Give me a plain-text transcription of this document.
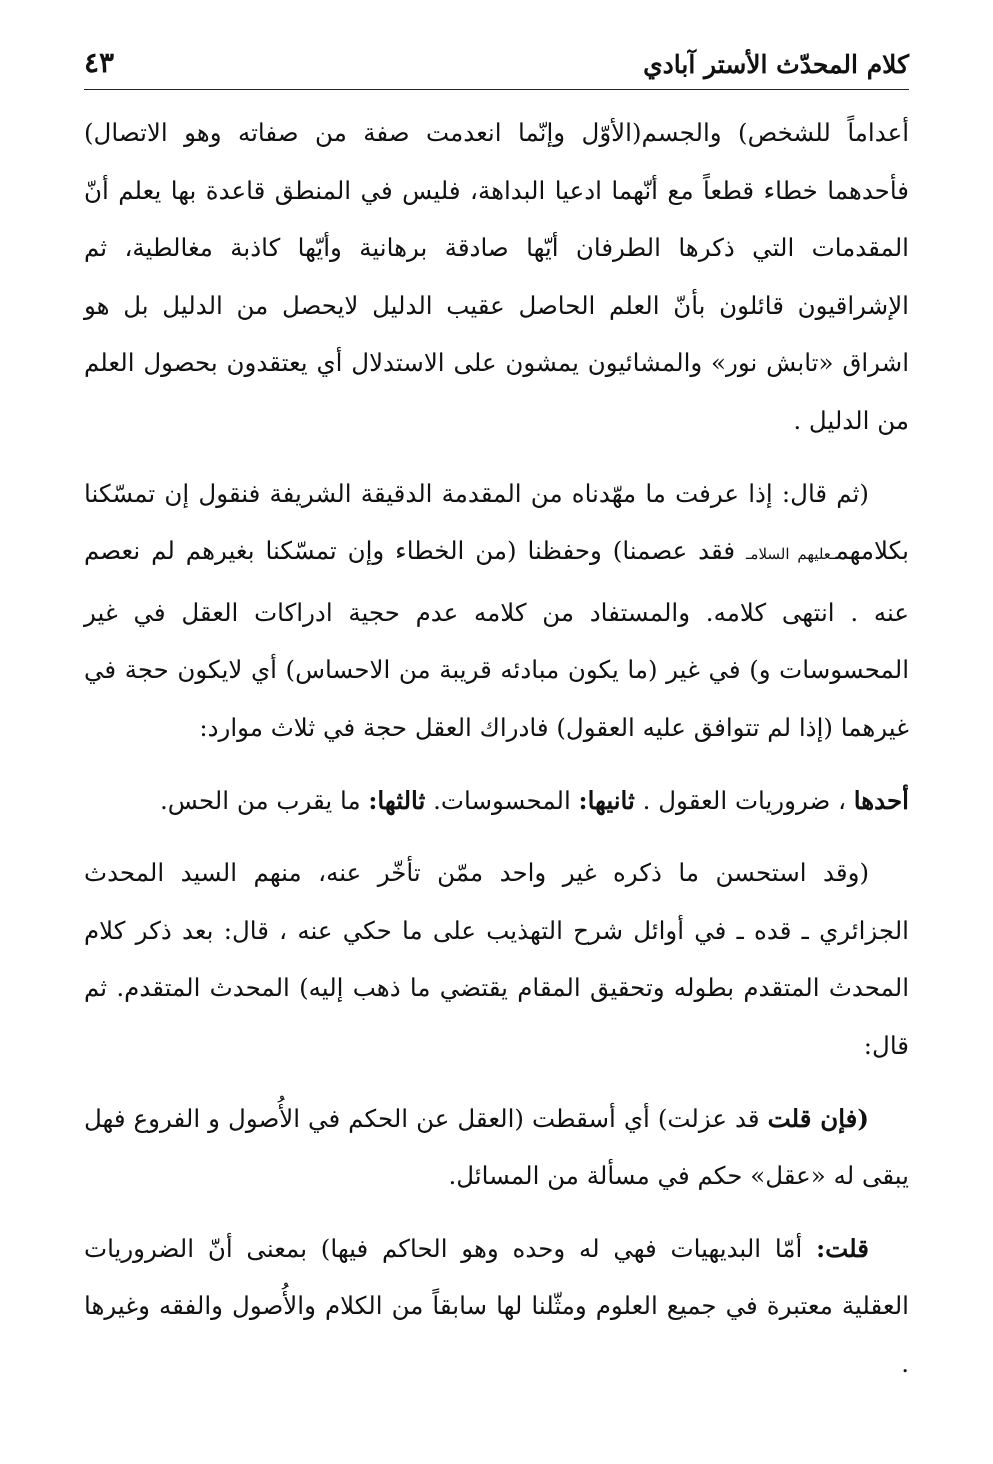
كلام المحدّث الأستر آبادي
٤٣

أعداماً للشخص) والجسم(الأوّل وإنّما انعدمت صفة من صفاته وهو الاتصال) فأحدهما خطاء قطعاً مع أنّهما ادعيا البداهة، فليس في المنطق قاعدة بها يعلم أنّ المقدمات التي ذكرها الطرفان أيّها صادقة برهانية وأيّها كاذبة مغالطية، ثم الإشراقيون قائلون بأنّ العلم الحاصل عقيب الدليل لايحصل من الدليل بل هو اشراق «تابش نور» والمشائيون يمشون على الاستدلال أي يعتقدون بحصول العلم من الدليل .

(ثم قال: إذا عرفت ما مهّدناه من المقدمة الدقيقة الشريفة فنقول إن تمسّكنا بكلامهمـعليهم السلامـ فقد عصمنا) وحفظنا (من الخطاء وإن تمسّكنا بغيرهم لم نعصم عنه . انتهى كلامه. والمستفاد من كلامه عدم حجية ادراكات العقل في غير المحسوسات و) في غير (ما يكون مبادئه قريبة من الاحساس) أي لايكون حجة في غيرهما (إذا لم تتوافق عليه العقول) فادراك العقل حجة في ثلاث موارد:

أحدها ، ضروريات العقول . ثانيها: المحسوسات. ثالثها: ما يقرب من الحس.

(وقد استحسن ما ذكره غير واحد ممّن تأخّر عنه، منهم السيد المحدث الجزائري ـ قده ـ في أوائل شرح التهذيب على ما حكي عنه ، قال: بعد ذكر كلام المحدث المتقدم بطوله وتحقيق المقام يقتضي ما ذهب إليه) المحدث المتقدم. ثم قال:

(فإن قلت قد عزلت) أي أسقطت (العقل عن الحكم في الأُصول و الفروع فهل يبقى له «عقل» حكم في مسألة من المسائل.

قلت: أمّا البديهيات فهي له وحده وهو الحاكم فيها) بمعنى أنّ الضروريات العقلية معتبرة في جميع العلوم ومثّلنا لها سابقاً من الكلام والأُصول والفقه وغيرها .
